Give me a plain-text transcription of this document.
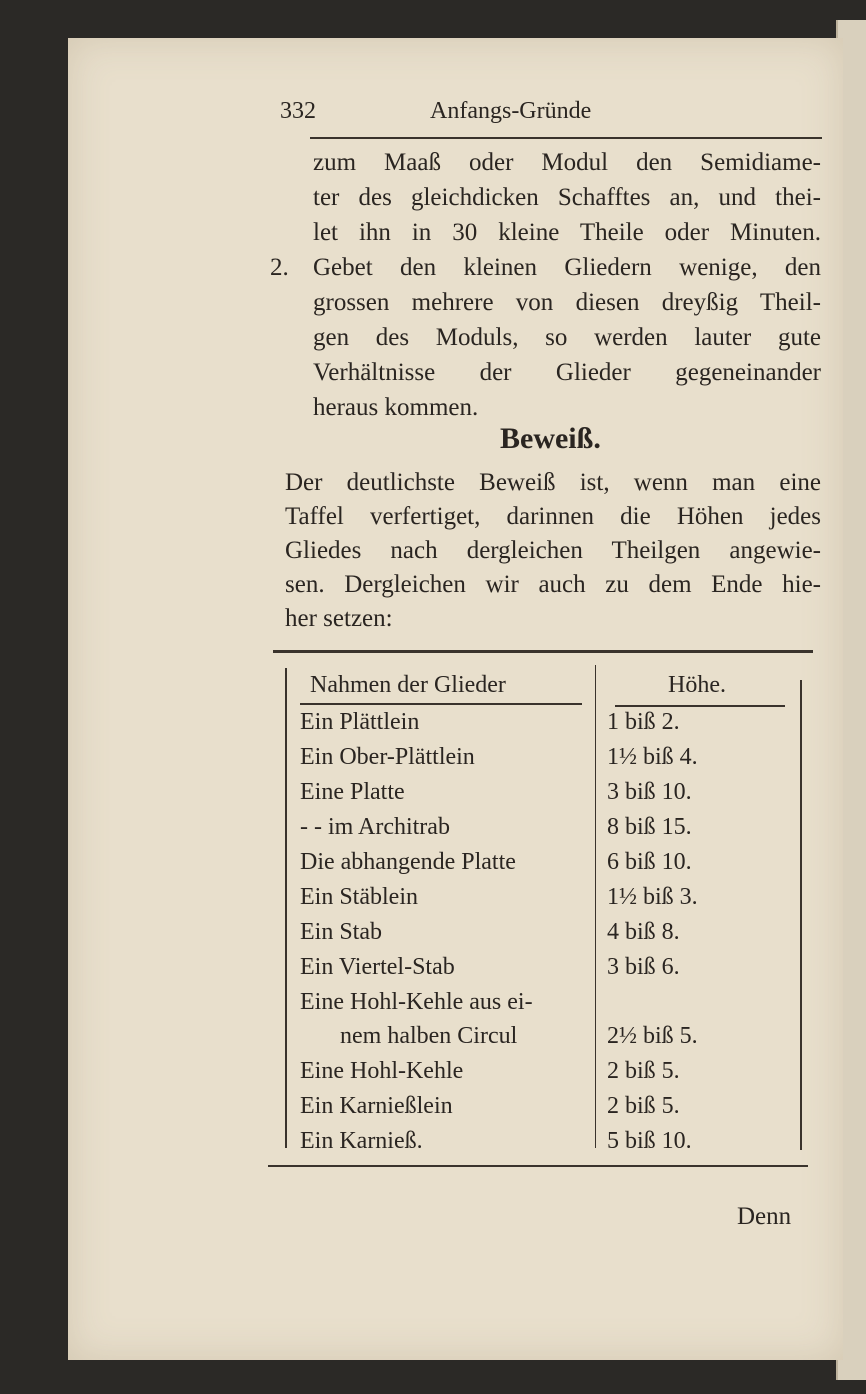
332	Anfangs-Gründe
zum Maaß oder Modul den Semidiame-
ter des gleichdicken Schafftes an, und thei-
let ihn in 30 kleine Theile oder Minuten.
2. Gebet den kleinen Gliedern wenige, den
grossen mehrere von diesen dreyßig Theil-
gen des Moduls, so werden lauter gute
Verhältnisse der Glieder gegeneinander
heraus kommen.
Beweiß.
Der deutlichste Beweiß ist, wenn man eine
Taffel verfertiget, darinnen die Höhen jedes
Gliedes nach dergleichen Theilgen angewie-
sen. Dergleichen wir auch zu dem Ende hie-
her setzen:
Nahmen der Glieder	Höhe.
Ein Plättlein	1 biß 2.
Ein Ober-Plättlein	1½ biß 4.
Eine Platte	3 biß 10.
- - im Architrab	8 biß 15.
Die abhangende Platte	6 biß 10.
Ein Stäblein	1½ biß 3.
Ein Stab	4 biß 8.
Ein Viertel-Stab	3 biß 6.
Eine Hohl-Kehle aus ei-
nem halben Circul	2½ biß 5.
Eine Hohl-Kehle	2 biß 5.
Ein Karnießlein	2 biß 5.
Ein Karnieß.	5 biß 10.
Denn
